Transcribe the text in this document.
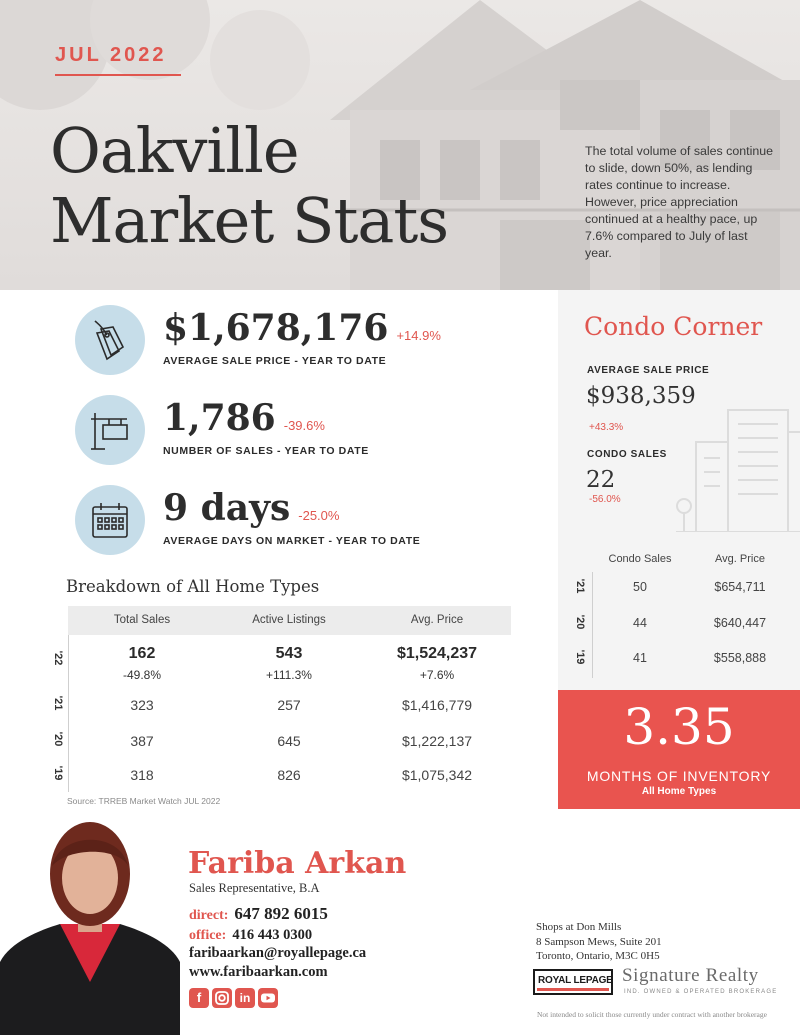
JUL 2022
Oakville
Market Stats
The total volume of sales continue to slide, down 50%, as lending rates continue to increase. However, price appreciation continued at a healthy pace, up 7.6% compared to July of last year.
$1,678,176 +14.9%
AVERAGE SALE PRICE - YEAR TO DATE
1,786 -39.6%
NUMBER OF SALES - YEAR TO DATE
9 days -25.0%
AVERAGE DAYS ON MARKET - YEAR TO DATE
Breakdown of All Home Types
Total Sales	Active Listings	Avg. Price
'22	162	543	$1,524,237
-49.8%	+111.3%	+7.6%
'21	323	257	$1,416,779
'20	387	645	$1,222,137
'19	318	826	$1,075,342
Source: TRREB Market Watch JUL 2022
Condo Corner
AVERAGE SALE PRICE
$938,359
+43.3%
CONDO SALES
22
-56.0%
Condo Sales	Avg. Price
'21	50	$654,711
'20	44	$640,447
'19	41	$558,888
3.35
MONTHS OF INVENTORY
All Home Types
Fariba Arkan
Sales Representative, B.A
direct: 647 892 6015
office: 416 443 0300
faribaarkan@royallepage.ca
www.faribaarkan.com
f	in
Shops at Don Mills
8 Sampson Mews, Suite 201
Toronto, Ontario, M3C 0H5
ROYAL LEPAGE Signature Realty
IND. OWNED & OPERATED BROKERAGE
Not intended to solicit those currently under contract with another brokerage
